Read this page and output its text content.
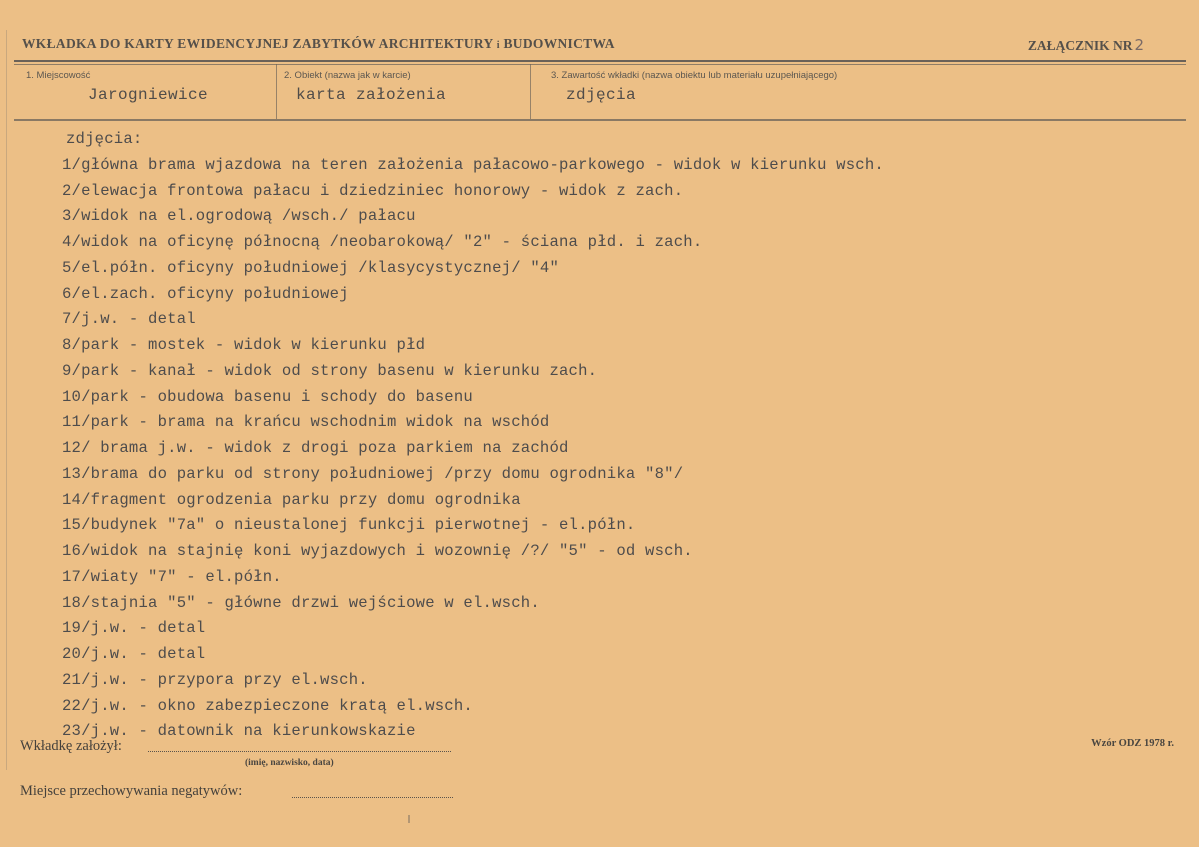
WKŁADKA DO KARTY EWIDENCYJNEJ ZABYTKÓW ARCHITEKTURY i BUDOWNICTWA	ZAŁĄCZNIK NR 2
1. Miejscowość
Jarogniewice
2. Obiekt (nazwa jak w karcie)
karta założenia
3. Zawartość wkładki (nazwa obiektu lub materiału uzupełniającego)
zdjęcia
zdjęcia:
1/główna brama wjazdowa na teren założenia pałacowo-parkowego - widok w kierunku wsch.
2/elewacja frontowa pałacu i dziedziniec honorowy - widok z zach.
3/widok na el.ogrodową /wsch./ pałacu
4/widok na oficynę północną /neobarokową/ "2" - ściana płd. i zach.
5/el.półn. oficyny południowej /klasycystycznej/ "4"
6/el.zach. oficyny południowej
7/j.w. - detal
8/park - mostek - widok w kierunku płd
9/park - kanał - widok od strony basenu w kierunku zach.
10/park - obudowa basenu i schody do basenu
11/park - brama na krańcu wschodnim widok na wschód
12/ brama j.w. - widok z drogi poza parkiem na zachód
13/brama do parku od strony południowej /przy domu ogrodnika "8"/
14/fragment ogrodzenia parku przy domu ogrodnika
15/budynek "7a" o nieustalonej funkcji pierwotnej - el.półn.
16/widok na stajnię koni wyjazdowych i wozownię /?/ "5" - od wsch.
17/wiaty "7" - el.półn.
18/stajnia "5" - główne drzwi wejściowe w el.wsch.
19/j.w. - detal
20/j.w. - detal
21/j.w. - przypora przy el.wsch.
22/j.w. - okno zabezpieczone kratą el.wsch.
23/j.w. - datownik na kierunkowskazie
Wkładkę założył:
(imię, nazwisko, data)
Miejsce przechowywania negatywów:
Wzór ODZ 1978 r.
